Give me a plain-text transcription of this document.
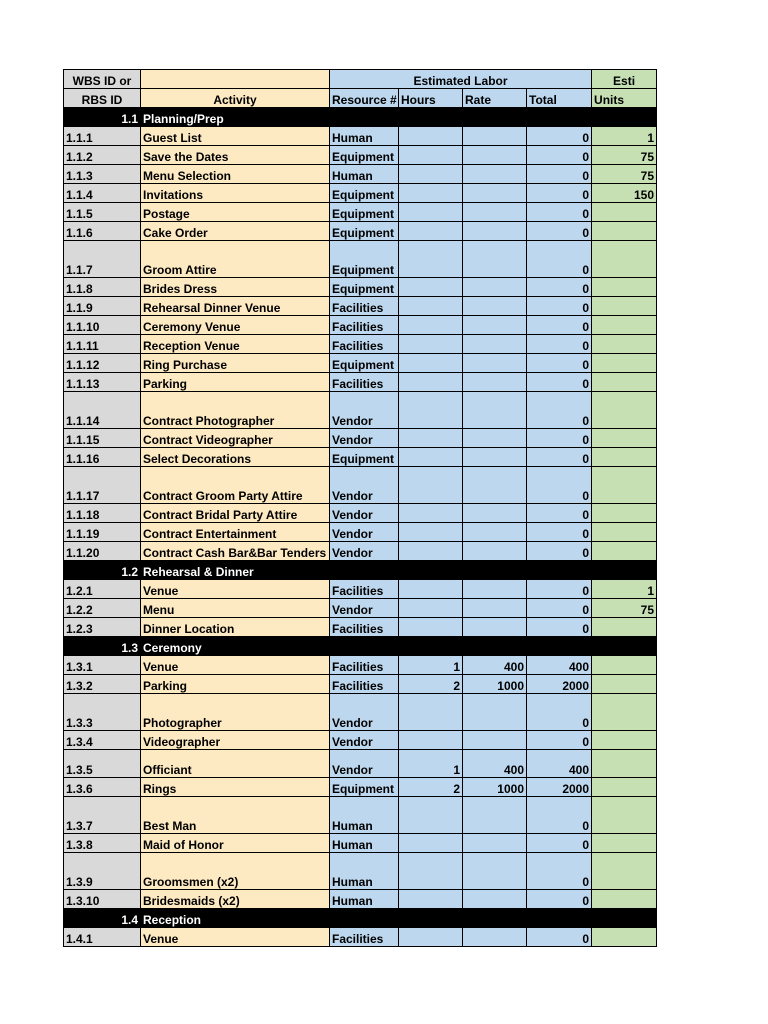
WBS ID or		Estimated Labor				Esti
RBS ID	Activity	Resource #	Hours	Rate	Total	Units
1.1	Planning/Prep					
1.1.1	Guest List	Human			0	1
1.1.2	Save the Dates	Equipment			0	75
1.1.3	Menu Selection	Human			0	75
1.1.4	Invitations	Equipment			0	150
1.1.5	Postage	Equipment			0	
1.1.6	Cake Order	Equipment			0	
1.1.7	Groom Attire	Equipment			0	
1.1.8	Brides Dress	Equipment			0	
1.1.9	Rehearsal Dinner Venue	Facilities			0	
1.1.10	Ceremony Venue	Facilities			0	
1.1.11	Reception Venue	Facilities			0	
1.1.12	Ring Purchase	Equipment			0	
1.1.13	Parking	Facilities			0	
1.1.14	Contract Photographer	Vendor			0	
1.1.15	Contract Videographer	Vendor			0	
1.1.16	Select Decorations	Equipment			0	
1.1.17	Contract Groom Party Attire	Vendor			0	
1.1.18	Contract Bridal Party Attire	Vendor			0	
1.1.19	Contract Entertainment	Vendor			0	
1.1.20	Contract Cash Bar&Bar Tenders	Vendor			0	
1.2	Rehearsal & Dinner					
1.2.1	Venue	Facilities			0	1
1.2.2	Menu	Vendor			0	75
1.2.3	Dinner Location	Facilities			0	
1.3	Ceremony					
1.3.1	Venue	Facilities	1	400	400	
1.3.2	Parking	Facilities	2	1000	2000	
1.3.3	Photographer	Vendor			0	
1.3.4	Videographer	Vendor			0	
1.3.5	Officiant	Vendor	1	400	400	
1.3.6	Rings	Equipment	2	1000	2000	
1.3.7	Best Man	Human			0	
1.3.8	Maid of Honor	Human			0	
1.3.9	Groomsmen (x2)	Human			0	
1.3.10	Bridesmaids (x2)	Human			0	
1.4	Reception					
1.4.1	Venue	Facilities			0	
